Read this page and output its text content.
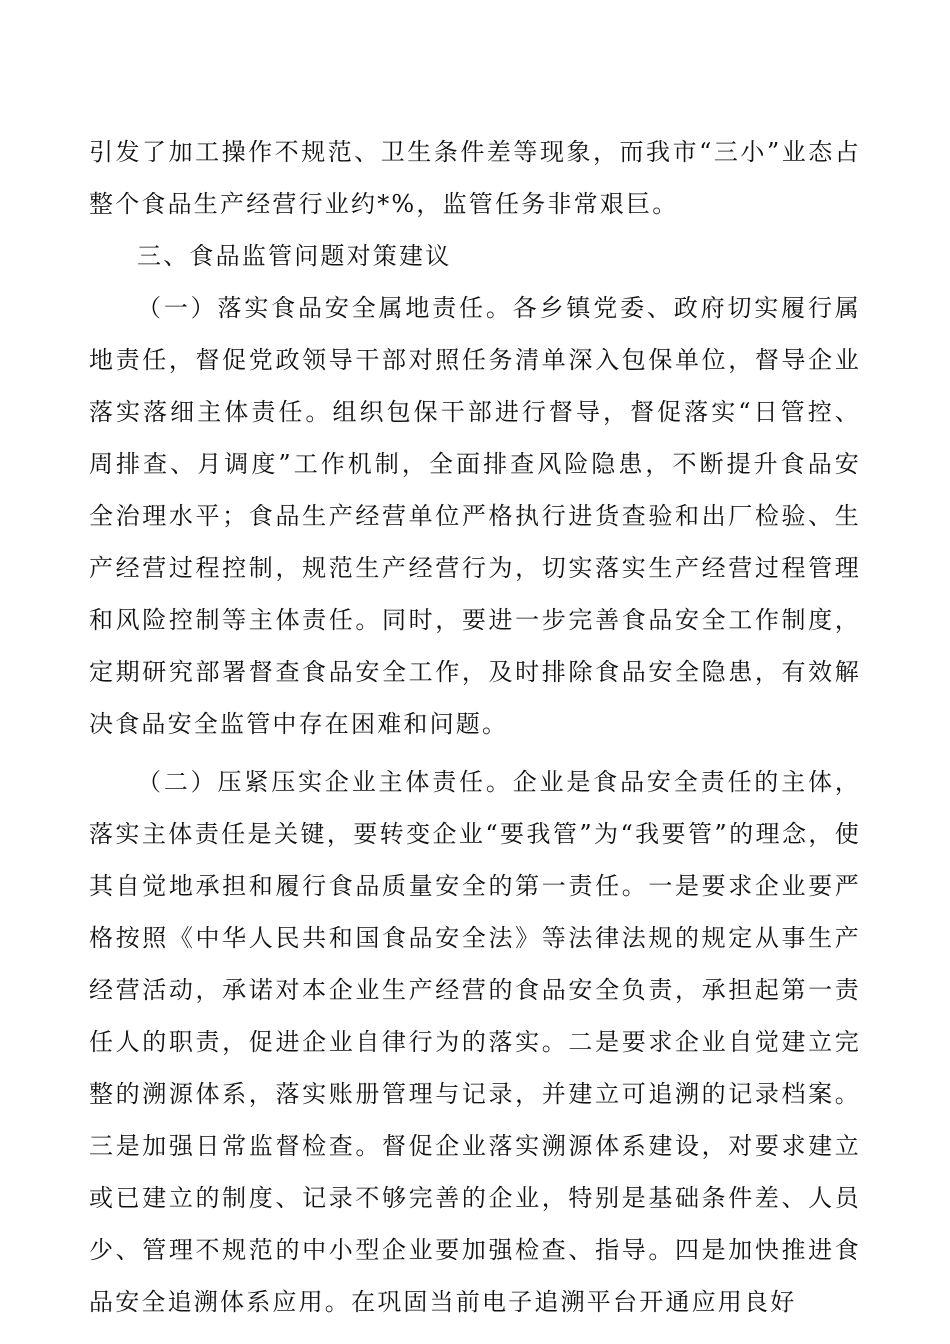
引发了加工操作不规范、卫生条件差等现象，而我市“三小”业态占整个食品生产经营行业约*%，监管任务非常艰巨。

三、食品监管问题对策建议

（一）落实食品安全属地责任。各乡镇党委、政府切实履行属地责任，督促党政领导干部对照任务清单深入包保单位，督导企业落实落细主体责任。组织包保干部进行督导，督促落实“日管控、周排查、月调度”工作机制，全面排查风险隐患，不断提升食品安全治理水平；食品生产经营单位严格执行进货查验和出厂检验、生产经营过程控制，规范生产经营行为，切实落实生产经营过程管理和风险控制等主体责任。同时，要进一步完善食品安全工作制度，定期研究部署督查食品安全工作，及时排除食品安全隐患，有效解决食品安全监管中存在困难和问题。

（二）压紧压实企业主体责任。企业是食品安全责任的主体，落实主体责任是关键，要转变企业“要我管”为“我要管”的理念，使其自觉地承担和履行食品质量安全的第一责任。一是要求企业要严格按照《中华人民共和国食品安全法》等法律法规的规定从事生产经营活动，承诺对本企业生产经营的食品安全负责，承担起第一责任人的职责，促进企业自律行为的落实。二是要求企业自觉建立完整的溯源体系，落实账册管理与记录，并建立可追溯的记录档案。三是加强日常监督检查。督促企业落实溯源体系建设，对要求建立或已建立的制度、记录不够完善的企业，特别是基础条件差、人员少、管理不规范的中小型企业要加强检查、指导。四是加快推进食品安全追溯体系应用。在巩固当前电子追溯平台开通应用良好
